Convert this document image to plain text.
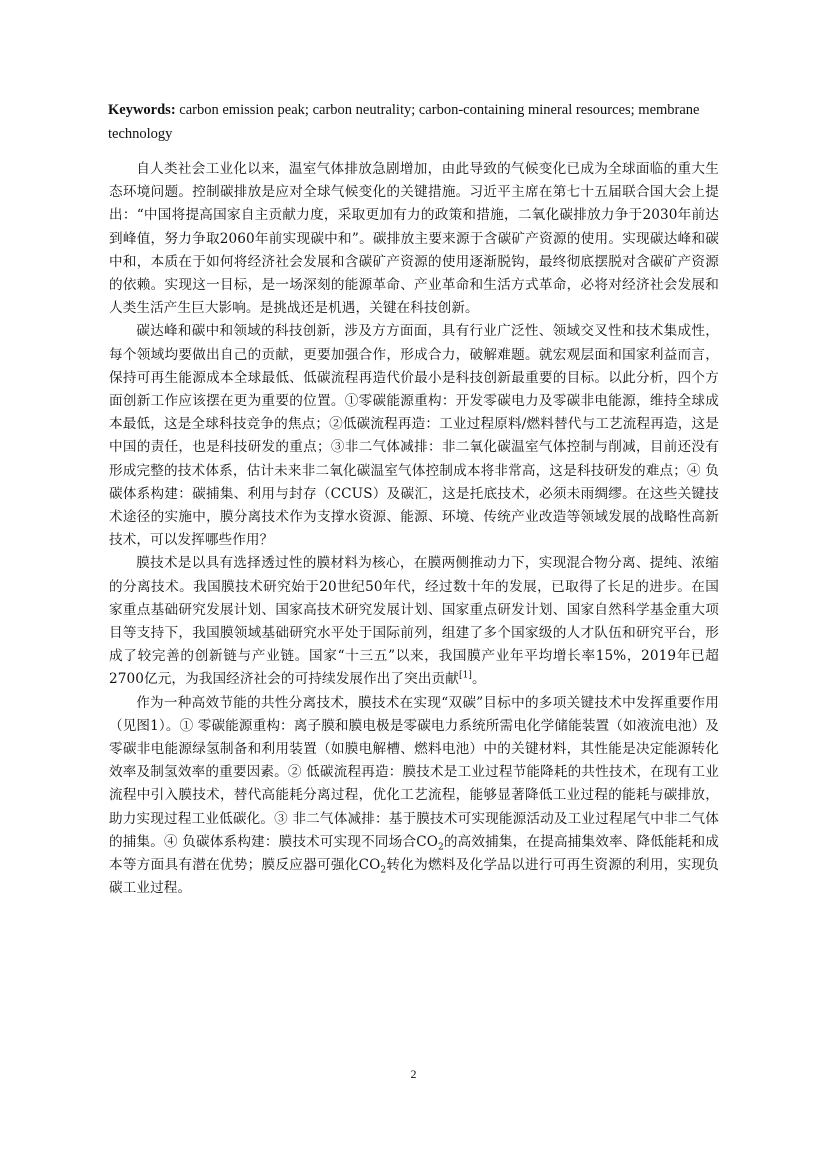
Keywords: carbon emission peak; carbon neutrality; carbon-containing mineral resources; membrane technology

自人类社会工业化以来，温室气体排放急剧增加，由此导致的气候变化已成为全球面临的重大生态环境问题。控制碳排放是应对全球气候变化的关键措施。习近平主席在第七十五届联合国大会上提出：“中国将提高国家自主贡献力度，采取更加有力的政策和措施，二氧化碳排放力争于2030年前达到峰值，努力争取2060年前实现碳中和”。碳排放主要来源于含碳矿产资源的使用。实现碳达峰和碳中和，本质在于如何将经济社会发展和含碳矿产资源的使用逐渐脱钩，最终彻底摆脱对含碳矿产资源的依赖。实现这一目标，是一场深刻的能源革命、产业革命和生活方式革命，必将对经济社会发展和人类生活产生巨大影响。是挑战还是机遇，关键在科技创新。

碳达峰和碳中和领域的科技创新，涉及方方面面，具有行业广泛性、领域交叉性和技术集成性，每个领域均要做出自己的贡献，更要加强合作，形成合力，破解难题。就宏观层面和国家利益而言，保持可再生能源成本全球最低、低碳流程再造代价最小是科技创新最重要的目标。以此分析，四个方面创新工作应该摆在更为重要的位置。①零碳能源重构：开发零碳电力及零碳非电能源，维持全球成本最低，这是全球科技竞争的焦点；②低碳流程再造：工业过程原料/燃料替代与工艺流程再造，这是中国的责任，也是科技研发的重点；③非二气体减排：非二氧化碳温室气体控制与削减，目前还没有形成完整的技术体系，估计未来非二氧化碳温室气体控制成本将非常高，这是科技研发的难点；④ 负碳体系构建：碳捕集、利用与封存（CCUS）及碳汇，这是托底技术，必须未雨绸缪。在这些关键技术途径的实施中，膜分离技术作为支撑水资源、能源、环境、传统产业改造等领域发展的战略性高新技术，可以发挥哪些作用？

膜技术是以具有选择透过性的膜材料为核心，在膜两侧推动力下，实现混合物分离、提纯、浓缩的分离技术。我国膜技术研究始于20世纪50年代，经过数十年的发展，已取得了长足的进步。在国家重点基础研究发展计划、国家高技术研究发展计划、国家重点研发计划、国家自然科学基金重大项目等支持下，我国膜领域基础研究水平处于国际前列，组建了多个国家级的人才队伍和研究平台，形成了较完善的创新链与产业链。国家“十三五”以来，我国膜产业年平均增长率15%，2019年已超2700亿元，为我国经济社会的可持续发展作出了突出贡献[1]。

作为一种高效节能的共性分离技术，膜技术在实现“双碳”目标中的多项关键技术中发挥重要作用（见图1）。① 零碳能源重构：离子膜和膜电极是零碳电力系统所需电化学储能装置（如液流电池）及零碳非电能源绿氢制备和利用装置（如膜电解槽、燃料电池）中的关键材料，其性能是决定能源转化效率及制氢效率的重要因素。② 低碳流程再造：膜技术是工业过程节能降耗的共性技术，在现有工业流程中引入膜技术，替代高能耗分离过程，优化工艺流程，能够显著降低工业过程的能耗与碳排放，助力实现过程工业低碳化。③ 非二气体减排：基于膜技术可实现能源活动及工业过程尾气中非二气体的捕集。④ 负碳体系构建：膜技术可实现不同场合$CO_2$的高效捕集，在提高捕集效率、降低能耗和成本等方面具有潜在优势；膜反应器可强化$CO_2$转化为燃料及化学品以进行可再生资源的利用，实现负碳工业过程。

2
